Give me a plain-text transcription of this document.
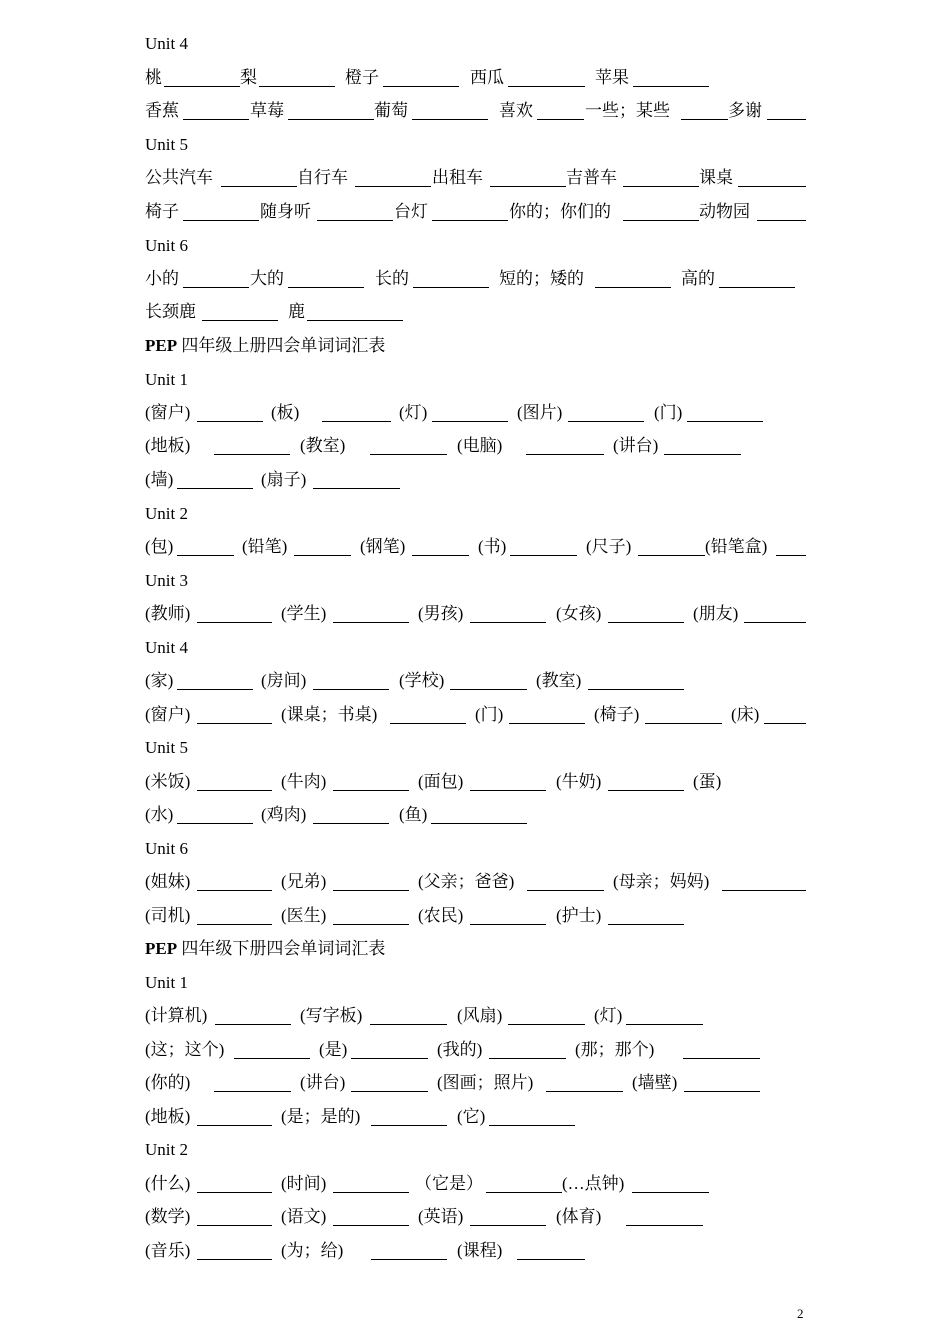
Unit 4
桃	梨	橙子	西瓜	苹果
香蕉	草莓	葡萄	喜欢	一些；某些	多谢
Unit 5
公共汽车	自行车	出租车	吉普车	课桌
椅子	随身听	台灯	你的；你们的	动物园
Unit 6
小的	大的	长的	短的；矮的	高的
长颈鹿	鹿
PEP 四年级上册四会单词词汇表
Unit 1
(窗户)	(板)	(灯)	(图片)	(门)
(地板)	(教室)	(电脑)	(讲台)
(墙)	(扇子)
Unit 2
(包)	(铅笔)	(钢笔)	(书)	(尺子)	(铅笔盒)
Unit 3
(教师)	(学生)	(男孩)	(女孩)	(朋友)
Unit 4
(家)	(房间)	(学校)	(教室)
(窗户)	(课桌；书桌)	(门)	(椅子)	(床)
Unit 5
(米饭)	(牛肉)	(面包)	(牛奶)	(蛋)
(水)	(鸡肉)	(鱼)
Unit 6
(姐妹)	(兄弟)	(父亲；爸爸)	(母亲；妈妈)
(司机)	(医生)	(农民)	(护士)
PEP 四年级下册四会单词词汇表
Unit 1
(计算机)	(写字板)	(风扇)	(灯)
(这；这个)	(是)	(我的)	(那；那个)
(你的)	(讲台)	(图画；照片)	(墙壁)
(地板)	(是；是的)	(它)
Unit 2
(什么)	(时间)	（它是）	(…点钟)
(数学)	(语文)	(英语)	(体育)
(音乐)	(为；给)	(课程)
2
